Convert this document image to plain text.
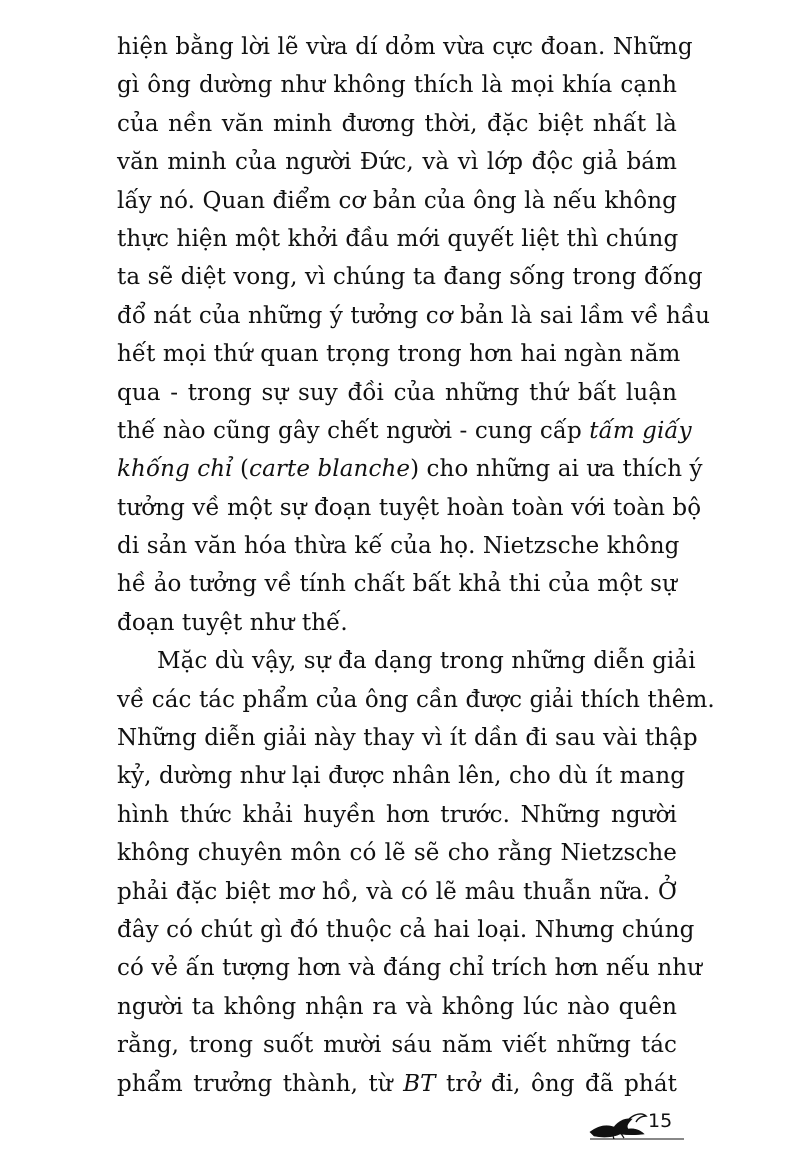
hiện bằng lời lẽ vừa dí dỏm vừa cực đoan. Những
gì ông dường như không thích là mọi khía cạnh
của nền văn minh đương thời, đặc biệt nhất là
văn minh của người Đức, và vì lớp độc giả bám
lấy nó. Quan điểm cơ bản của ông là nếu không
thực hiện một khởi đầu mới quyết liệt thì chúng
ta sẽ diệt vong, vì chúng ta đang sống trong đống
đổ nát của những ý tưởng cơ bản là sai lầm về hầu
hết mọi thứ quan trọng trong hơn hai ngàn năm
qua - trong sự suy đồi của những thứ bất luận
thế nào cũng gây chết người - cung cấp tấm giấy
khống chỉ (carte blanche) cho những ai ưa thích ý
tưởng về một sự đoạn tuyệt hoàn toàn với toàn bộ
di sản văn hóa thừa kế của họ. Nietzsche không
hề ảo tưởng về tính chất bất khả thi của một sự
đoạn tuyệt như thế.
Mặc dù vậy, sự đa dạng trong những diễn giải
về các tác phẩm của ông cần được giải thích thêm.
Những diễn giải này thay vì ít dần đi sau vài thập
kỷ, dường như lại được nhân lên, cho dù ít mang
hình thức khải huyền hơn trước. Những người
không chuyên môn có lẽ sẽ cho rằng Nietzsche
phải đặc biệt mơ hồ, và có lẽ mâu thuẫn nữa. Ở
đây có chút gì đó thuộc cả hai loại. Nhưng chúng
có vẻ ấn tượng hơn và đáng chỉ trích hơn nếu như
người ta không nhận ra và không lúc nào quên
rằng, trong suốt mười sáu năm viết những tác
phẩm trưởng thành, từ BT trở đi, ông đã phát
15
